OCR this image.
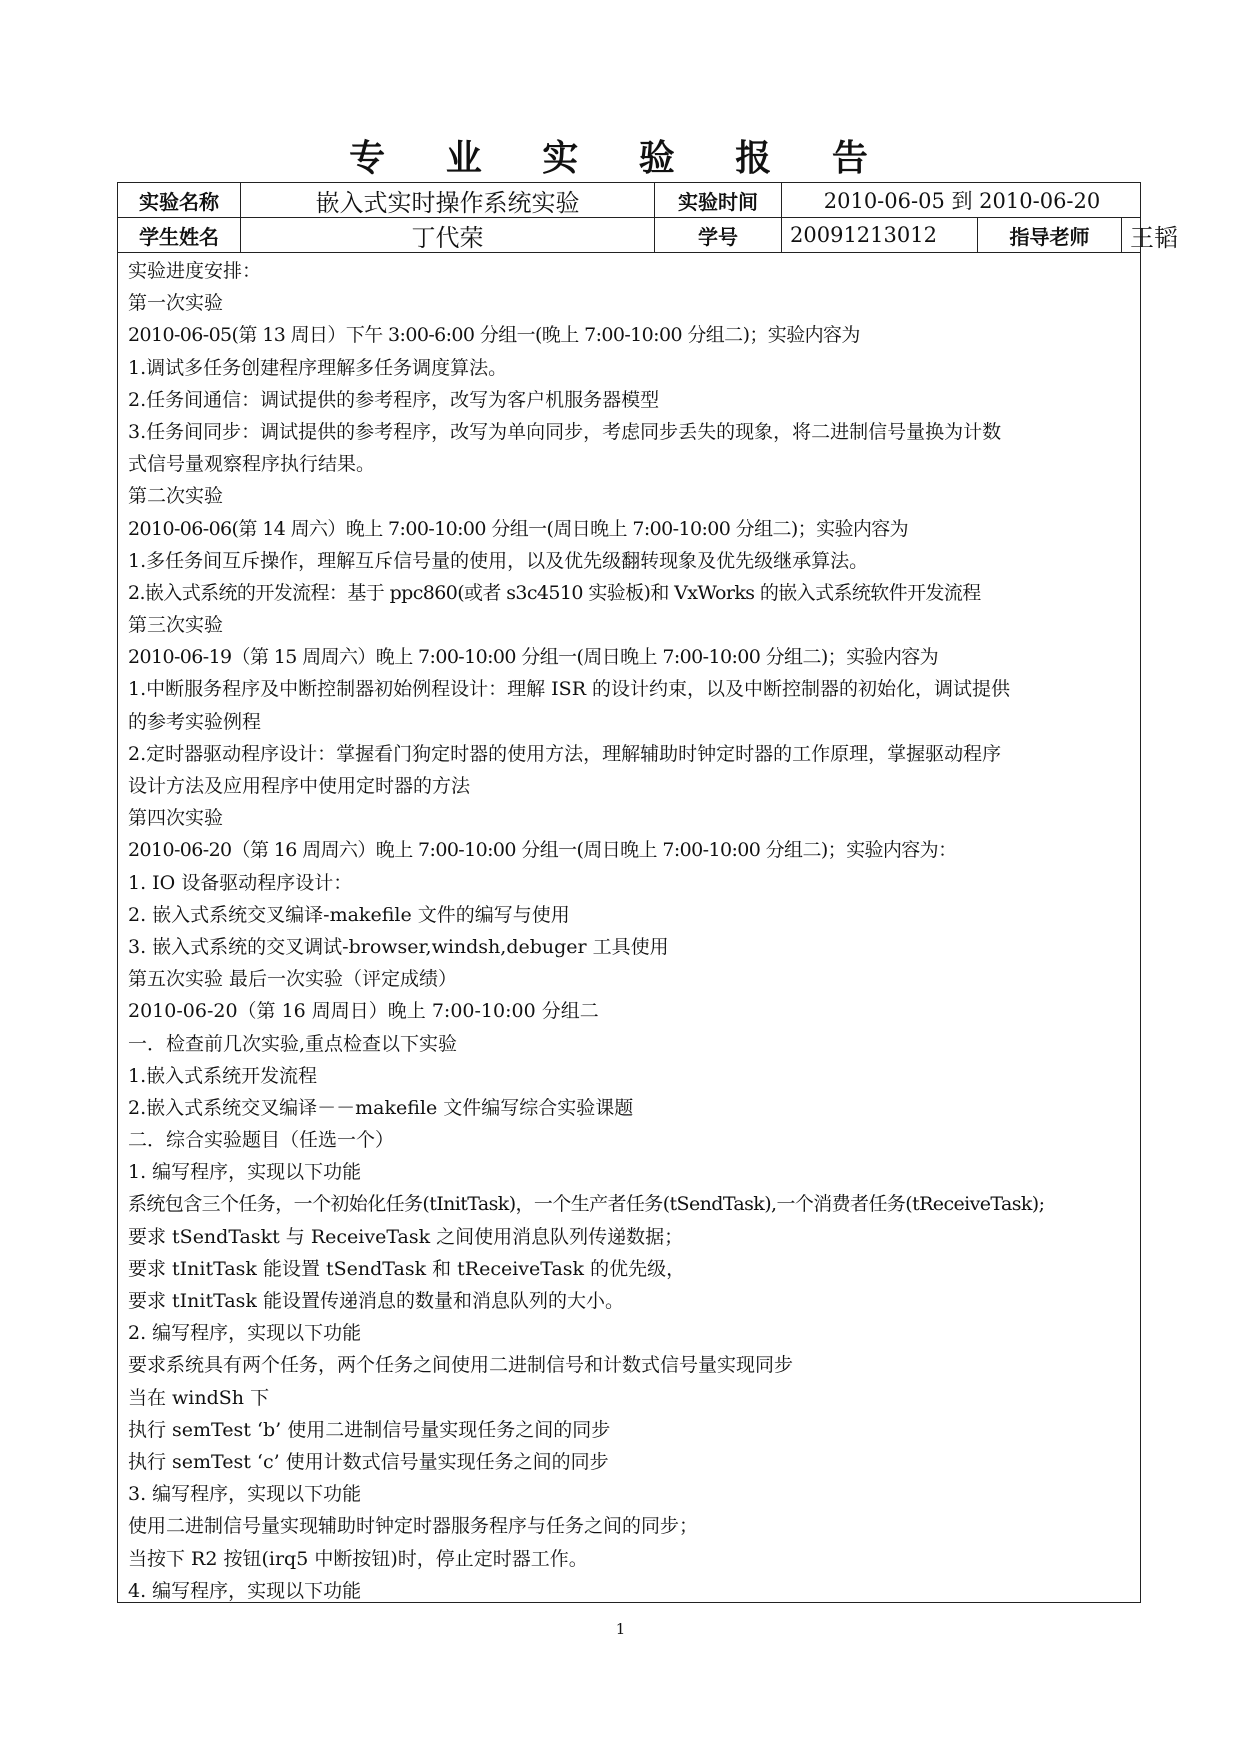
专 业 实 验 报 告
实验名称	嵌入式实时操作系统实验	实验时间	2010-06-05 到 2010-06-20
学生姓名	丁代荣	学号	20091213012	指导老师	王韬
实验进度安排：
第一次实验
2010-06-05(第 13 周日）下午 3:00-6:00 分组一(晚上 7:00-10:00 分组二)；实验内容为
1.调试多任务创建程序理解多任务调度算法。
2.任务间通信：调试提供的参考程序，改写为客户机服务器模型
3.任务间同步：调试提供的参考程序，改写为单向同步，考虑同步丢失的现象，将二进制信号量换为计数
式信号量观察程序执行结果。
第二次实验
2010-06-06(第 14 周六）晚上 7:00-10:00 分组一(周日晚上 7:00-10:00 分组二)；实验内容为
1.多任务间互斥操作，理解互斥信号量的使用，以及优先级翻转现象及优先级继承算法。
2.嵌入式系统的开发流程：基于 ppc860(或者 s3c4510 实验板)和 VxWorks 的嵌入式系统软件开发流程
第三次实验
2010-06-19（第 15 周周六）晚上 7:00-10:00 分组一(周日晚上 7:00-10:00 分组二)；实验内容为
1.中断服务程序及中断控制器初始例程设计：理解 ISR 的设计约束，以及中断控制器的初始化，调试提供
的参考实验例程
2.定时器驱动程序设计：掌握看门狗定时器的使用方法，理解辅助时钟定时器的工作原理，掌握驱动程序
设计方法及应用程序中使用定时器的方法
第四次实验
2010-06-20（第 16 周周六）晚上 7:00-10:00 分组一(周日晚上 7:00-10:00 分组二)；实验内容为：
1. IO 设备驱动程序设计：
2. 嵌入式系统交叉编译-makefile 文件的编写与使用
3. 嵌入式系统的交叉调试-browser,windsh,debuger 工具使用
第五次实验 最后一次实验（评定成绩）
2010-06-20（第 16 周周日）晚上 7:00-10:00 分组二
一．检查前几次实验,重点检查以下实验
1.嵌入式系统开发流程
2.嵌入式系统交叉编译－－makefile 文件编写综合实验课题
二．综合实验题目（任选一个）
1. 编写程序，实现以下功能
系统包含三个任务，一个初始化任务(tInitTask)，一个生产者任务(tSendTask),一个消费者任务(tReceiveTask);
要求 tSendTaskt 与 ReceiveTask 之间使用消息队列传递数据；
要求 tInitTask 能设置 tSendTask 和 tReceiveTask 的优先级，
要求 tInitTask 能设置传递消息的数量和消息队列的大小。
2. 编写程序，实现以下功能
要求系统具有两个任务，两个任务之间使用二进制信号和计数式信号量实现同步
当在 windSh 下
执行 semTest ‘b’ 使用二进制信号量实现任务之间的同步
执行 semTest ‘c’ 使用计数式信号量实现任务之间的同步
3. 编写程序，实现以下功能
使用二进制信号量实现辅助时钟定时器服务程序与任务之间的同步；
当按下 R2 按钮(irq5 中断按钮)时，停止定时器工作。
4. 编写程序，实现以下功能
1
